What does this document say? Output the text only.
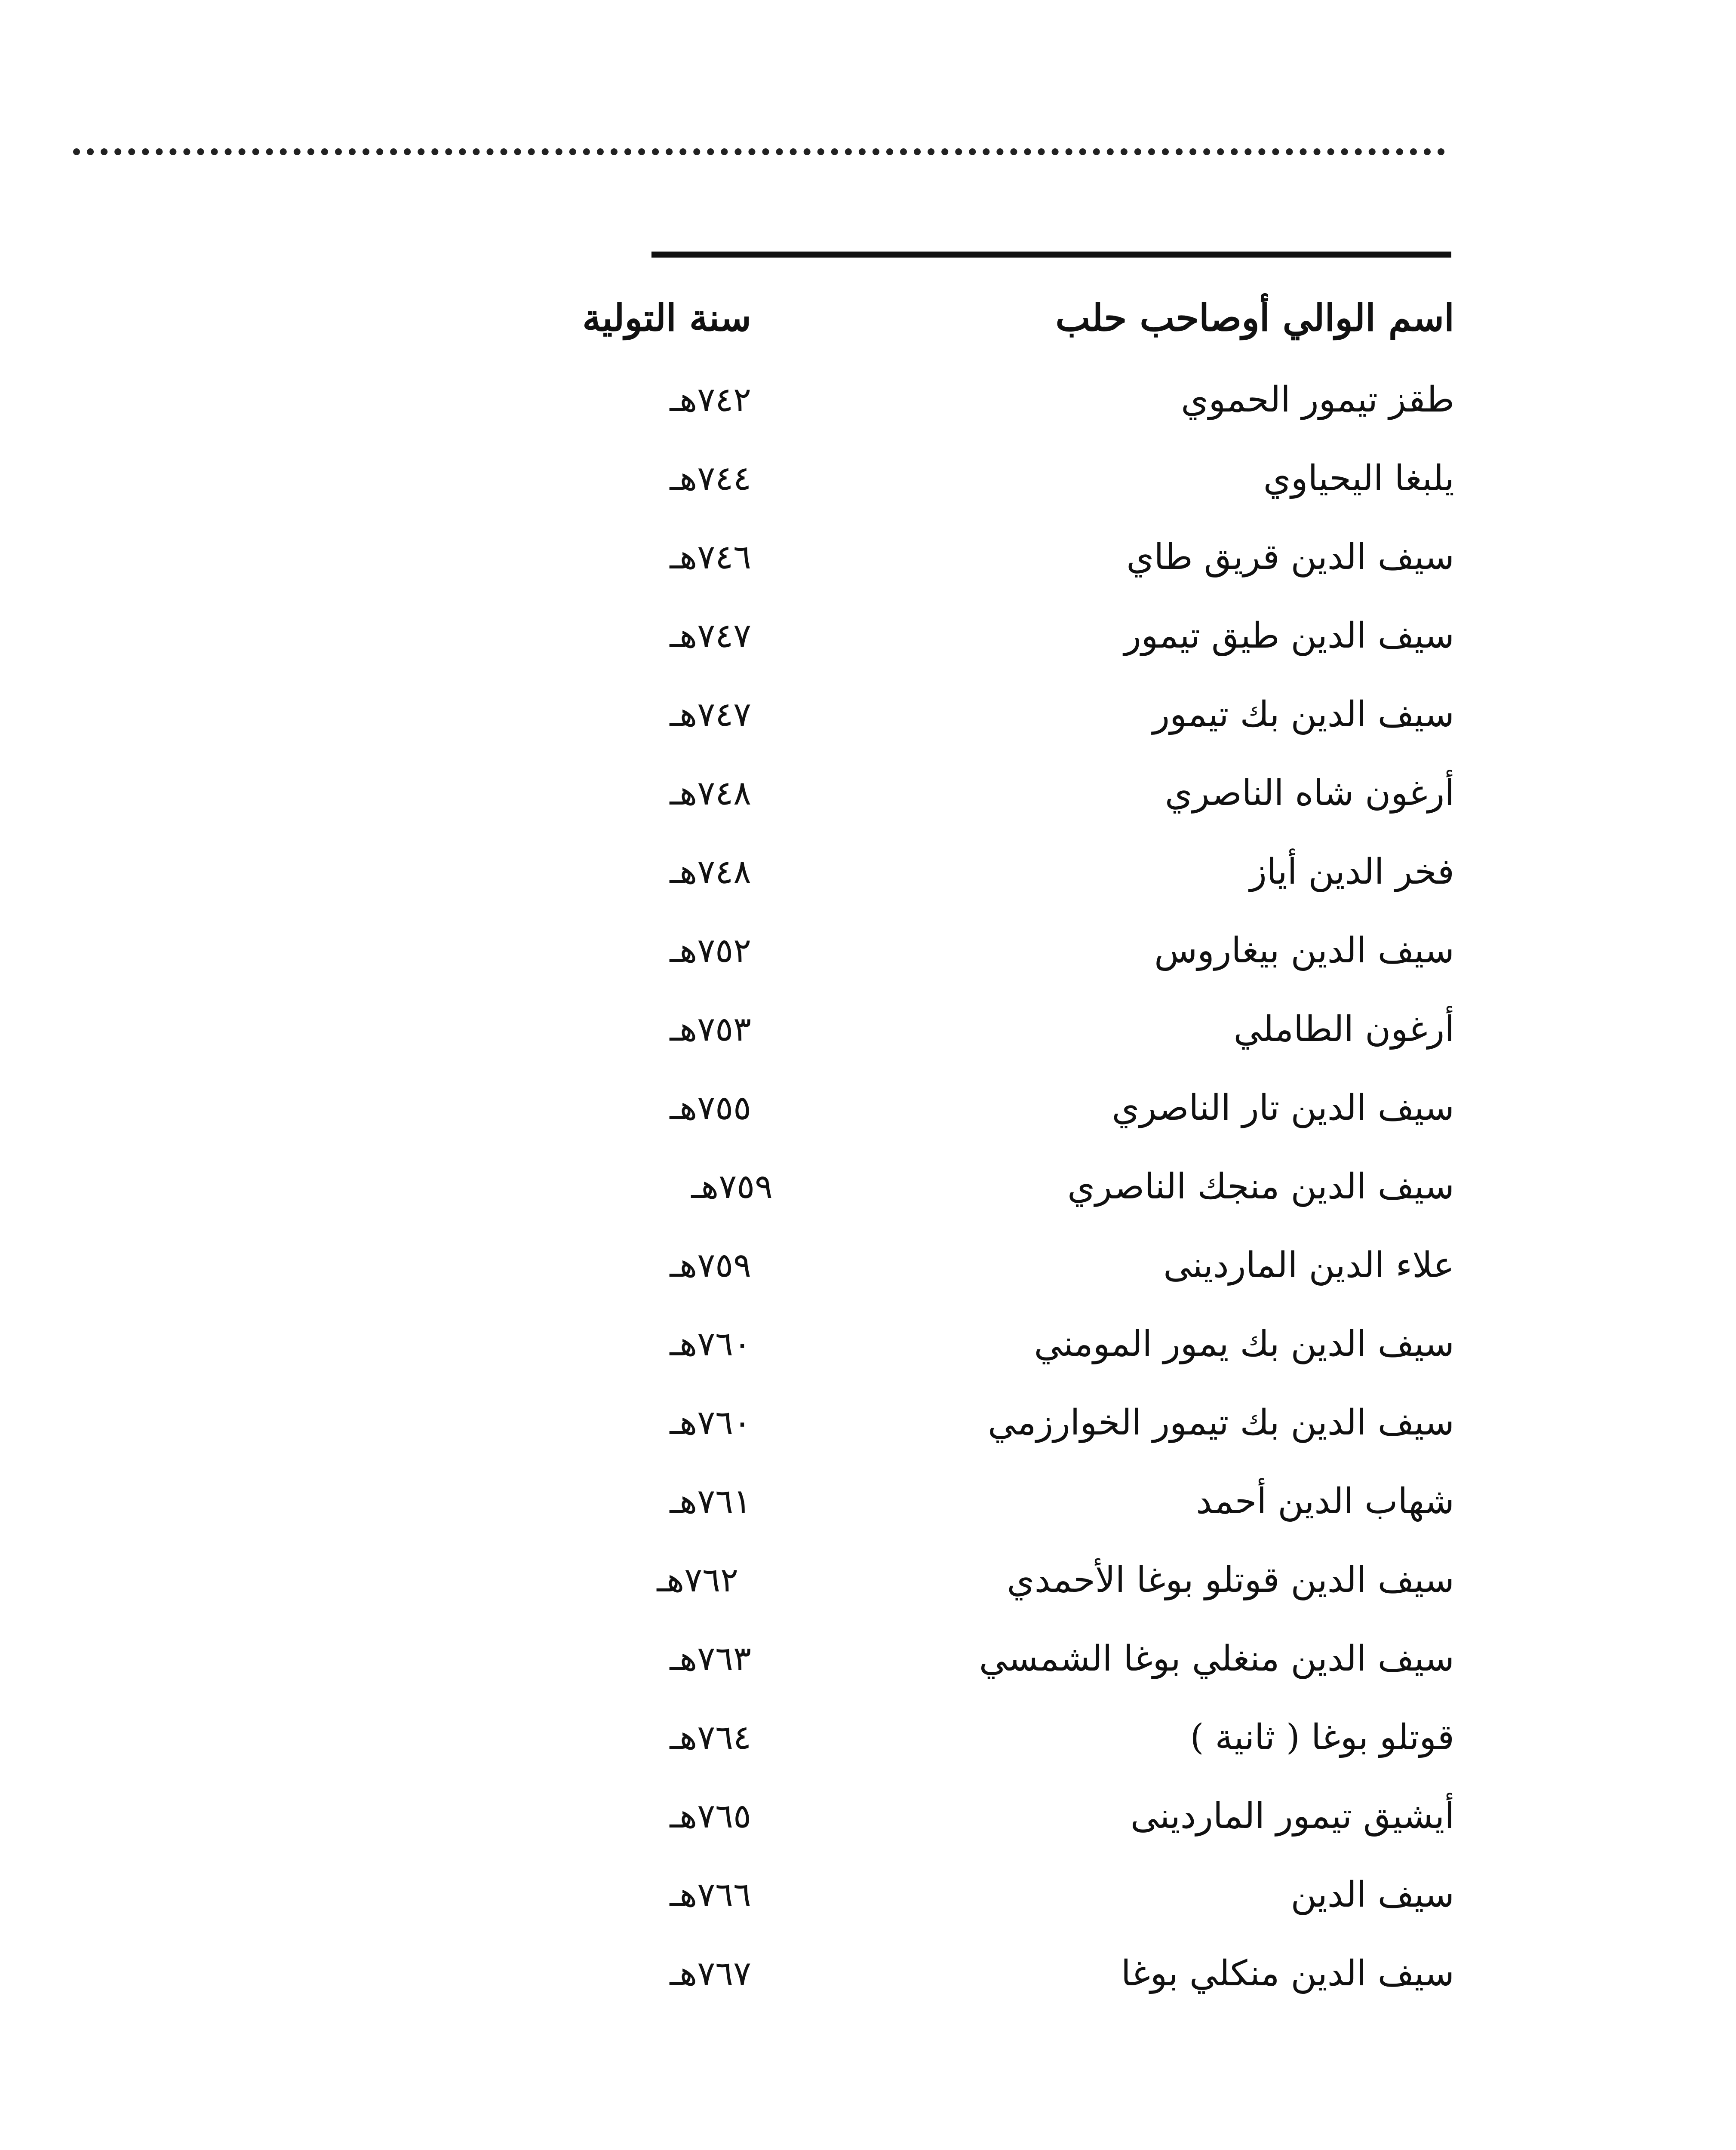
اسم الوالي أوصاحب حلب
سنة التولية
طقز تيمور الحموي
٧٤٢هـ
يلبغا اليحياوي
٧٤٤هـ
سيف الدين قريق طاي
٧٤٦هـ
سيف الدين طيق تيمور
٧٤٧هـ
سيف الدين بك تيمور
٧٤٧هـ
أرغون شاه الناصري
٧٤٨هـ
فخر الدين أياز
٧٤٨هـ
سيف الدين بيغاروس
٧٥٢هـ
أرغون الطاملي
٧٥٣هـ
سيف الدين تار الناصري
٧٥٥هـ
سيف الدين منجك الناصري
٧٥٩هـ
علاء الدين الماردينى
٧٥٩هـ
سيف الدين بك يمور المومني
٧٦٠هـ
سيف الدين بك تيمور الخوارزمي
٧٦٠هـ
شهاب الدين أحمد
٧٦١هـ
سيف الدين قوتلو بوغا الأحمدي
٧٦٢هـ
سيف الدين منغلي بوغا الشمسي
٧٦٣هـ
قوتلو بوغا ( ثانية )
٧٦٤هـ
أيشيق تيمور الماردينى
٧٦٥هـ
سيف الدين
٧٦٦هـ
سيف الدين منكلي بوغا
٧٦٧هـ
